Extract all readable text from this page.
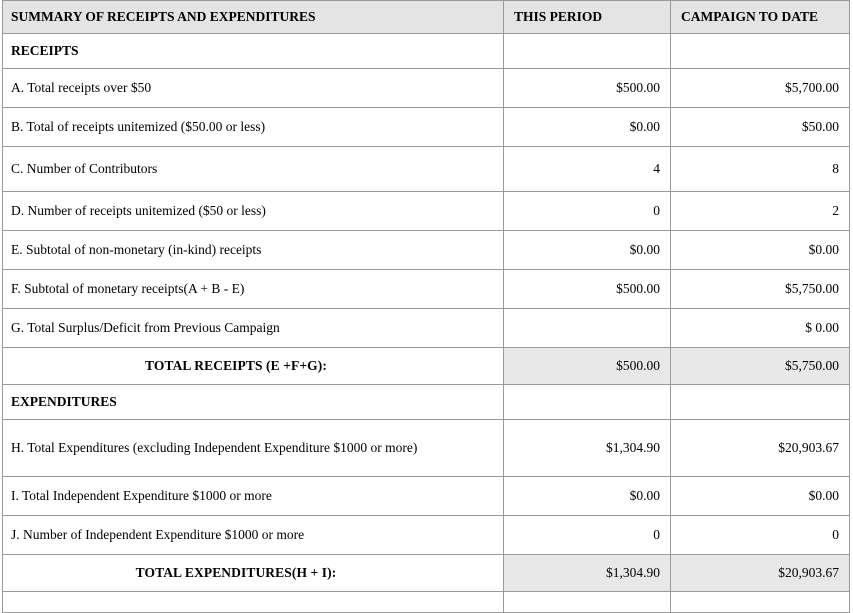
SUMMARY OF RECEIPTS AND EXPENDITURES	THIS PERIOD	CAMPAIGN TO DATE
RECEIPTS		
A. Total receipts over $50	$500.00	$5,700.00
B. Total of receipts unitemized ($50.00 or less)	$0.00	$50.00
C. Number of Contributors	4	8
D. Number of receipts unitemized ($50 or less)	0	2
E. Subtotal of non-monetary (in-kind) receipts	$0.00	$0.00
F. Subtotal of monetary receipts(A + B - E)	$500.00	$5,750.00
G. Total Surplus/Deficit from Previous Campaign		$ 0.00
TOTAL RECEIPTS (E +F+G):	$500.00	$5,750.00
EXPENDITURES		

H. Total Expenditures (excluding Independent Expenditure $1000 or more)	$1,304.90	$20,903.67
I. Total Independent Expenditure $1000 or more	$0.00	$0.00
J. Number of Independent Expenditure $1000 or more	0	0
TOTAL EXPENDITURES(H + I):	$1,304.90	$20,903.67
